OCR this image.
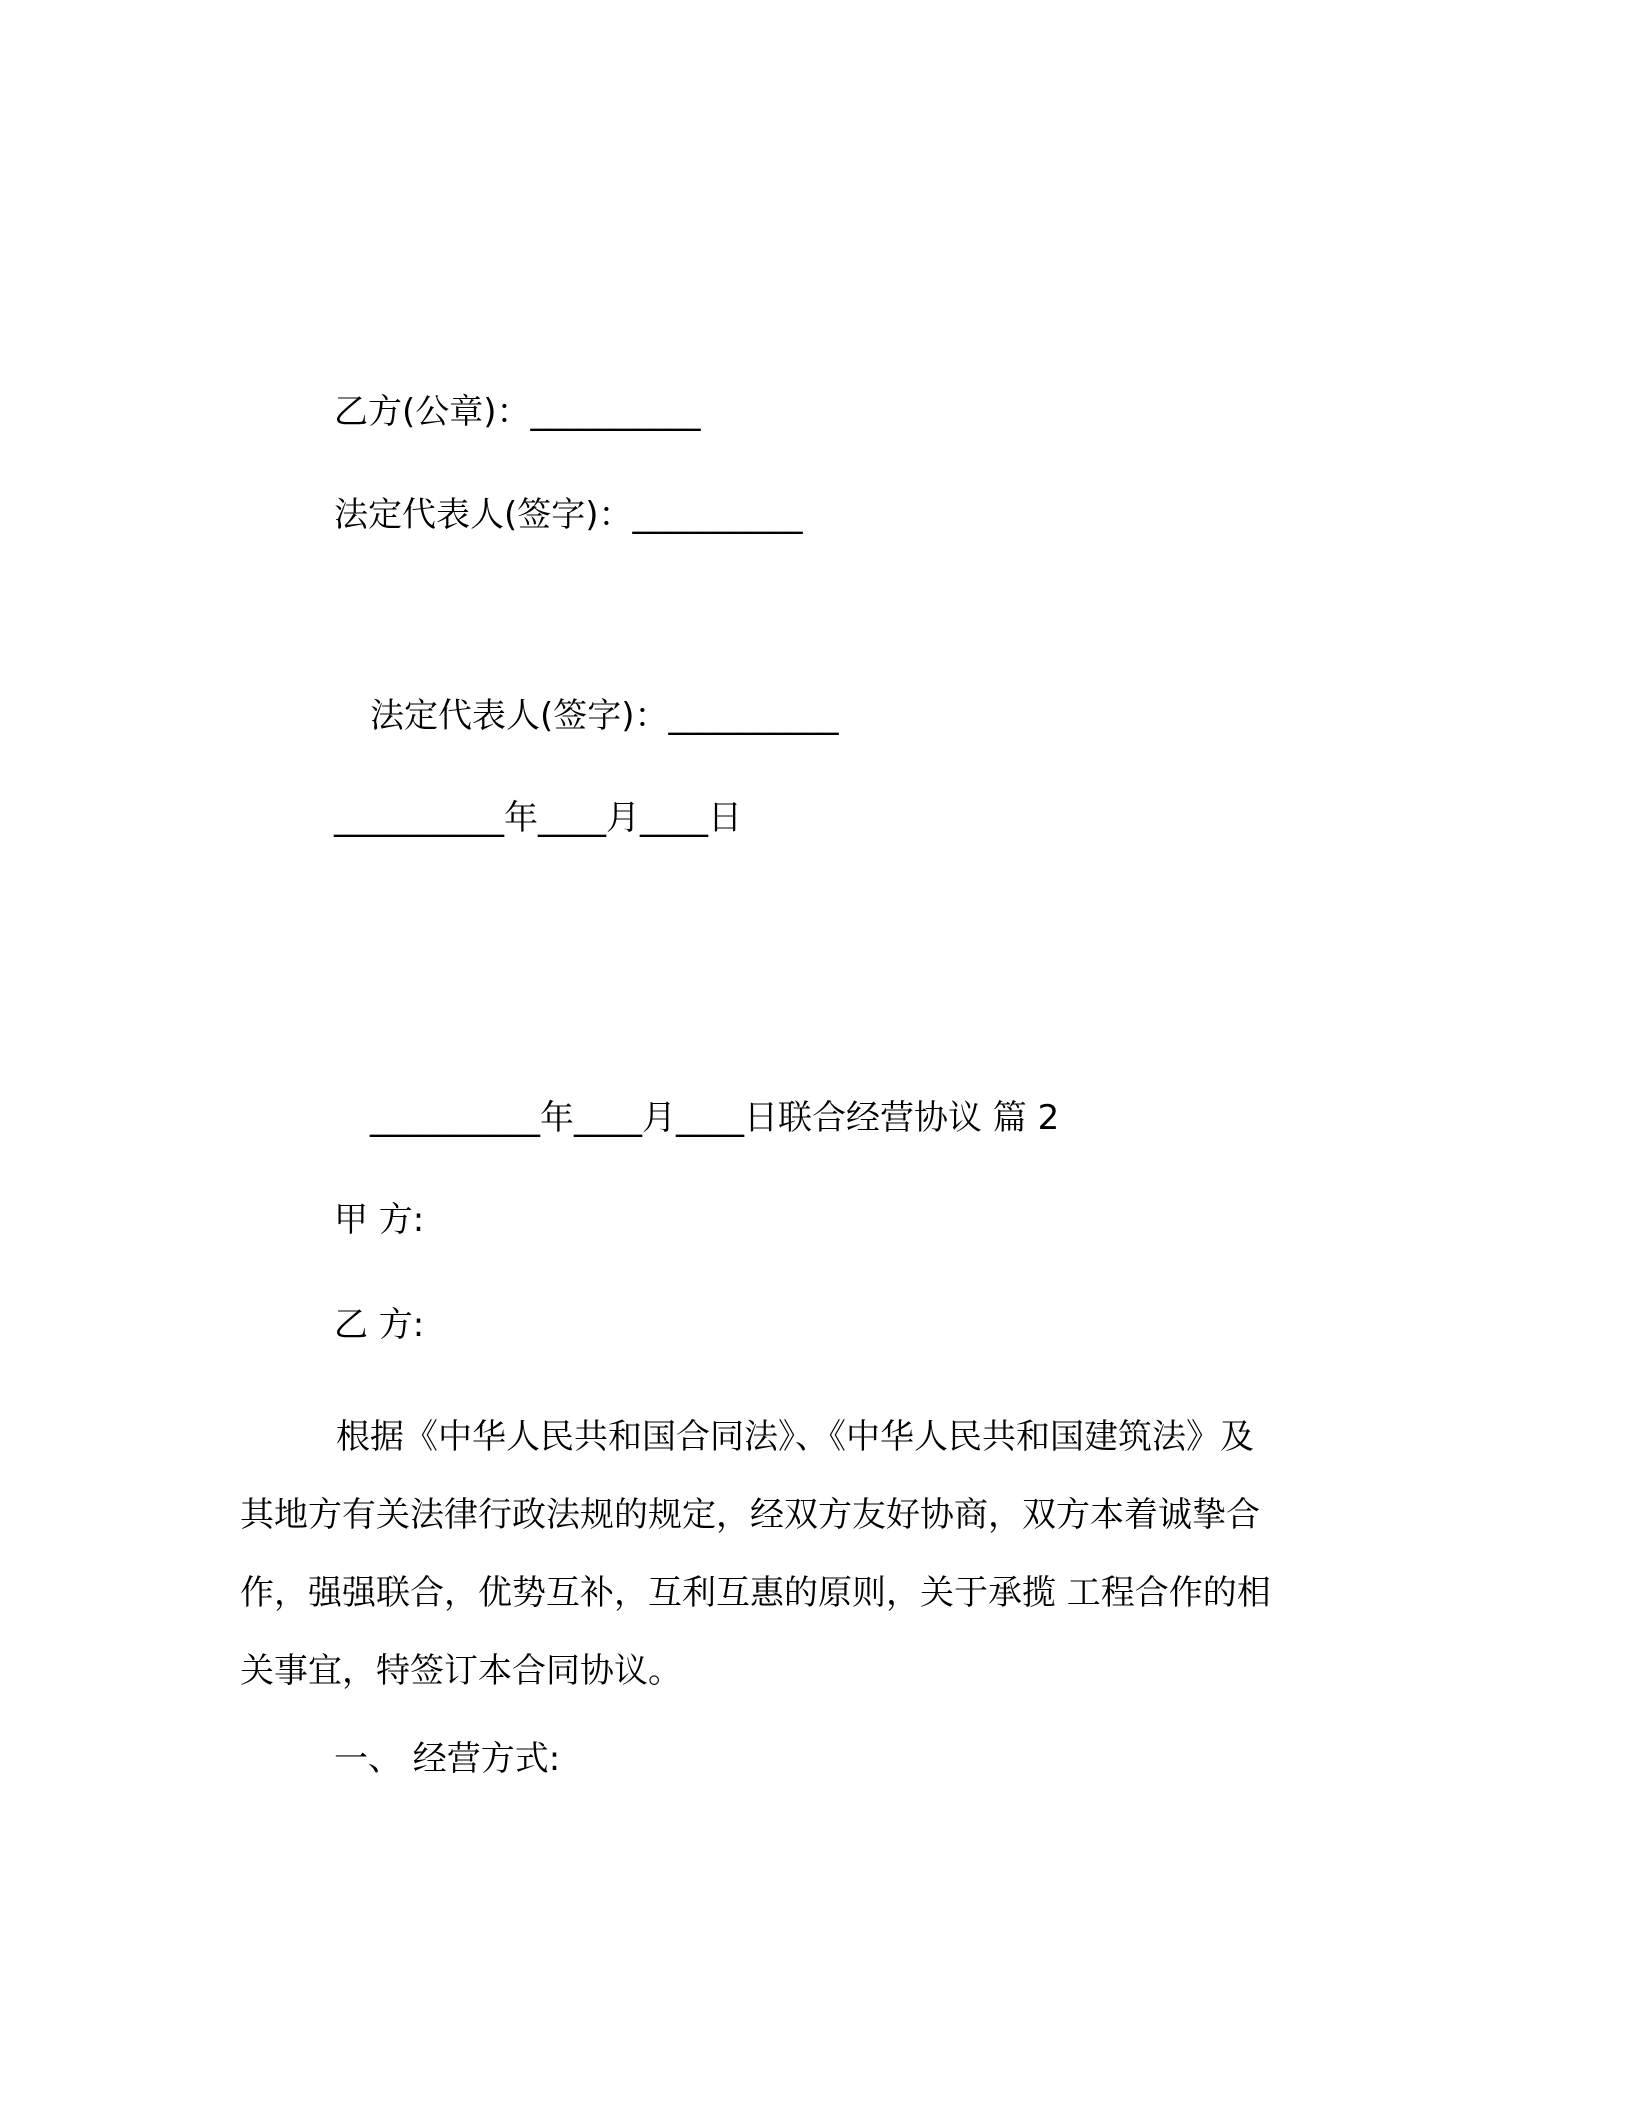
乙方(公章)：__________

法定代表人(签字)：__________

法定代表人(签字)：__________

__________年____月____日

__________年____月____日联合经营协议 篇 2

甲 方:

乙 方:

根据《中华人民共和国合同法》、《中华人民共和国建筑法》及
其地方有关法律行政法规的规定，经双方友好协商，双方本着诚挚合
作，强强联合，优势互补，互利互惠的原则，关于承揽 工程合作的相
关事宜，特签订本合同协议。

一、 经营方式:
